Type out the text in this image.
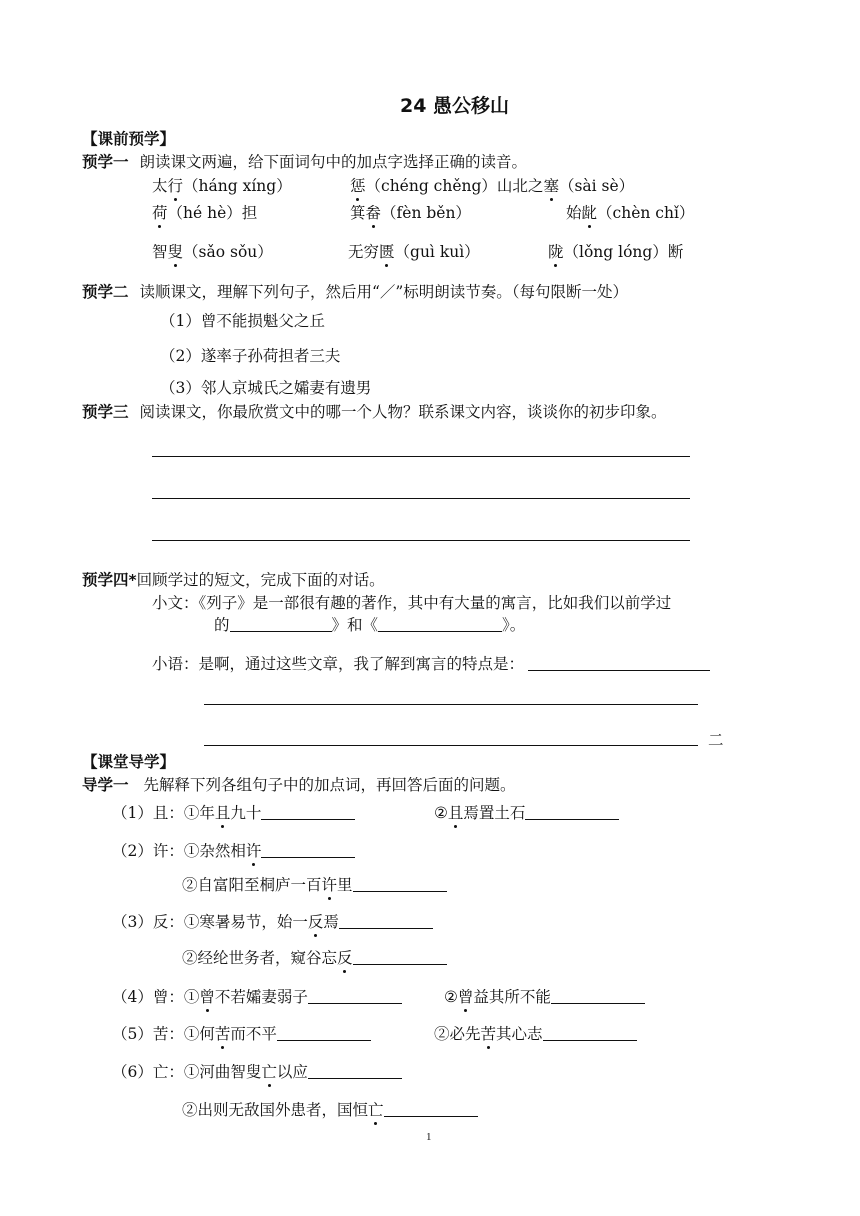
24 愚公移山
【课前预学】
预学一 朗读课文两遍，给下面词句中的加点字选择正确的读音。
太行（háng xíng）	惩（chéng chěng）山北之塞（sài sè）
荷（hé hè）担	箕畚（fèn běn）	始龀（chèn chǐ）
智叟（sǎo sǒu）	无穷匮（guì kuì）	陇（lǒng lóng）断
预学二 读顺课文，理解下列句子，然后用“／”标明朗读节奏。（每句限断一处）
（1）曾不能损魁父之丘
（2）遂率子孙荷担者三夫
（3）邻人京城氏之孀妻有遗男
预学三 阅读课文，你最欣赏文中的哪一个人物？联系课文内容，谈谈你的初步印象。
预学四*回顾学过的短文，完成下面的对话。
小文：《列子》是一部很有趣的著作，其中有大量的寓言，比如我们以前学过
的	》和《	》。
小语：是啊，通过这些文章，我了解到寓言的特点是：
二
【课堂导学】
导学一 先解释下列各组句子中的加点词，再回答后面的问题。
（1）且：①年且九十	②且焉置土石
（2）许：①杂然相许
②自富阳至桐庐一百许里
（3）反：①寒暑易节，始一反焉
②经纶世务者，窥谷忘反
（4）曾：①曾不若孀妻弱子	②曾益其所不能
（5）苦：①何苦而不平	②必先苦其心志
（6）亡：①河曲智叟亡以应
②出则无敌国外患者，国恒亡
1
